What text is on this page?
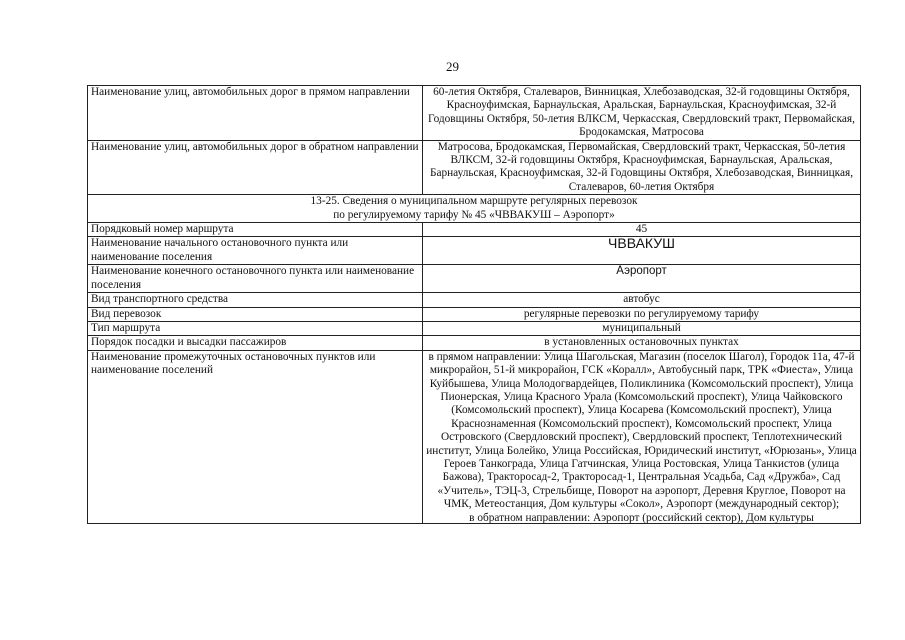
29
Наименование улиц, автомобильных дорог в прямом направлении	60-летия Октября, Сталеваров, Винницкая, Хлебозаводская, 32-й годовщины Октября, Красноуфимская, Барнаульская, Аральская, Барнаульская, Красноуфимская, 32-й Годовщины Октября, 50-летия ВЛКСМ, Черкасская, Свердловский тракт, Первомайская, Бродокамская, Матросова
Наименование улиц, автомобильных дорог в обратном направлении	Матросова, Бродокамская, Первомайская, Свердловский тракт, Черкасская, 50-летия ВЛКСМ, 32-й годовщины Октября, Красноуфимская, Барнаульская, Аральская, Барнаульская, Красноуфимская, 32-й Годовщины Октября, Хлебозаводская, Винницкая, Сталеваров, 60-летия Октября

13-25. Сведения о муниципальном маршруте регулярных перевозок
по регулируемому тарифу № 45 «ЧВВАКУШ – Аэропорт»	

Порядковый номер маршрута	45
Наименование начального остановочного пункта или наименование поселения	ЧВВАКУШ
Наименование конечного остановочного пункта или наименование поселения	Аэропорт
Вид транспортного средства	автобус
Вид перевозок	регулярные перевозки по регулируемому тарифу
Тип маршрута	муниципальный
Порядок посадки и высадки пассажиров	в установленных остановочных пунктах
Наименование промежуточных остановочных пунктов или наименование поселений	в прямом направлении: Улица Шагольская, Магазин (поселок Шагол), Городок 11а, 47-й микрорайон, 51-й микрорайон, ГСК «Коралл», Автобусный парк, ТРК «Фиеста», Улица Куйбышева, Улица Молодогвардейцев, Поликлиника (Комсомольский проспект), Улица Пионерская, Улица Красного Урала (Комсомольский проспект), Улица Чайковского (Комсомольский проспект), Улица Косарева (Комсомольский проспект), Улица Краснознаменная (Комсомольский проспект), Комсомольский проспект, Улица Островского (Свердловский проспект), Свердловский проспект, Теплотехнический институт, Улица Болейко, Улица Российская, Юридический институт, «Юрюзань», Улица Героев Танкограда, Улица Гатчинская, Улица Ростовская, Улица Танкистов (улица Бажова), Тракторосад-2, Тракторосад-1, Центральная Усадьба, Сад «Дружба», Сад «Учитель», ТЭЦ-3, Стрельбище, Поворот на аэропорт, Деревня Круглое, Поворот на ЧМК, Метеостанция, Дом культуры «Сокол», Аэропорт (международный сектор);
в обратном направлении: Аэропорт (российский сектор), Дом культуры
